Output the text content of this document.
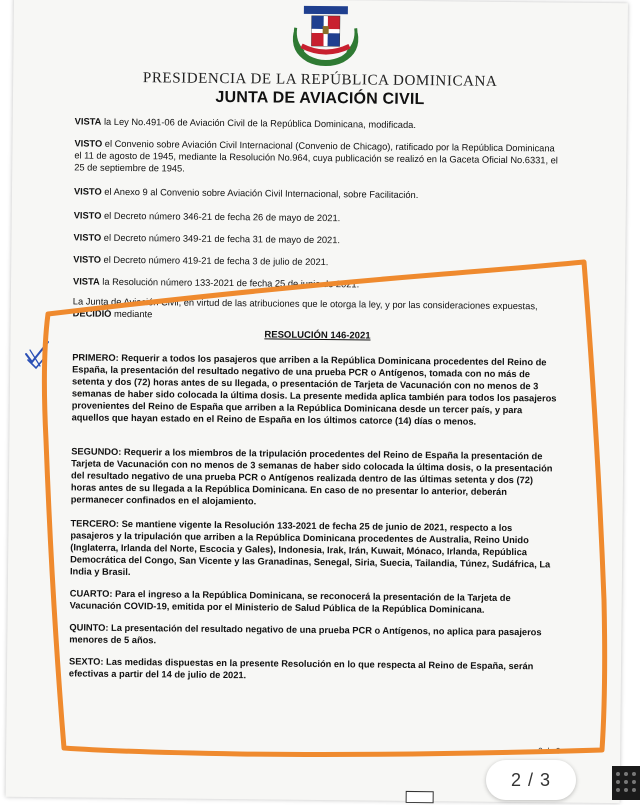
PRESIDENCIA DE LA REPÚBLICA DOMINICANA
JUNTA DE AVIACIÓN CIVIL

VISTA la Ley No.491-06 de Aviación Civil de la República Dominicana, modificada.

VISTO el Convenio sobre Aviación Civil Internacional (Convenio de Chicago), ratificado por la República Dominicana el 11 de agosto de 1945, mediante la Resolución No.964, cuya publicación se realizó en la Gaceta Oficial No.6331, el 25 de septiembre de 1945.

VISTO el Anexo 9 al Convenio sobre Aviación Civil Internacional, sobre Facilitación.

VISTO el Decreto número 346-21 de fecha 26 de mayo de 2021.

VISTO el Decreto número 349-21 de fecha 31 de mayo de 2021.

VISTO el Decreto número 419-21 de fecha 3 de julio de 2021.

VISTA la Resolución número 133-2021 de fecha 25 de junio de 2021.

La Junta de Aviación Civil, en virtud de las atribuciones que le otorga la ley, y por las consideraciones expuestas, DECIDIÓ mediante

RESOLUCIÓN 146-2021

PRIMERO: Requerir a todos los pasajeros que arriben a la República Dominicana procedentes del Reino de España, la presentación del resultado negativo de una prueba PCR o Antígenos, tomada con no más de setenta y dos (72) horas antes de su llegada, o presentación de Tarjeta de Vacunación con no menos de 3 semanas de haber sido colocada la última dosis. La presente medida aplica también para todos los pasajeros provenientes del Reino de España que arriben a la República Dominicana desde un tercer país, y para aquellos que hayan estado en el Reino de España en los últimos catorce (14) días o menos.

SEGUNDO: Requerir a los miembros de la tripulación procedentes del Reino de España la presentación de Tarjeta de Vacunación con no menos de 3 semanas de haber sido colocada la última dosis, o la presentación del resultado negativo de una prueba PCR o Antígenos realizada dentro de las últimas setenta y dos (72) horas antes de su llegada a la República Dominicana. En caso de no presentar lo anterior, deberán permanecer confinados en el alojamiento.

TERCERO: Se mantiene vigente la Resolución 133-2021 de fecha 25 de junio de 2021, respecto a los pasajeros y la tripulación que arriben a la República Dominicana procedentes de Australia, Reino Unido (Inglaterra, Irlanda del Norte, Escocia y Gales), Indonesia, Irak, Irán, Kuwait, Mónaco, Irlanda, República Democrática del Congo, San Vicente y las Granadinas, Senegal, Siria, Suecia, Tailandia, Túnez, Sudáfrica, La India y Brasil.

CUARTO: Para el ingreso a la República Dominicana, se reconocerá la presentación de la Tarjeta de Vacunación COVID-19, emitida por el Ministerio de Salud Pública de la República Dominicana.

QUINTO: La presentación del resultado negativo de una prueba PCR o Antígenos, no aplica para pasajeros menores de 5 años.

SEXTO: Las medidas dispuestas en la presente Resolución en lo que respecta al Reino de España, serán efectivas a partir del 14 de julio de 2021.

2 de 3
2 / 3
